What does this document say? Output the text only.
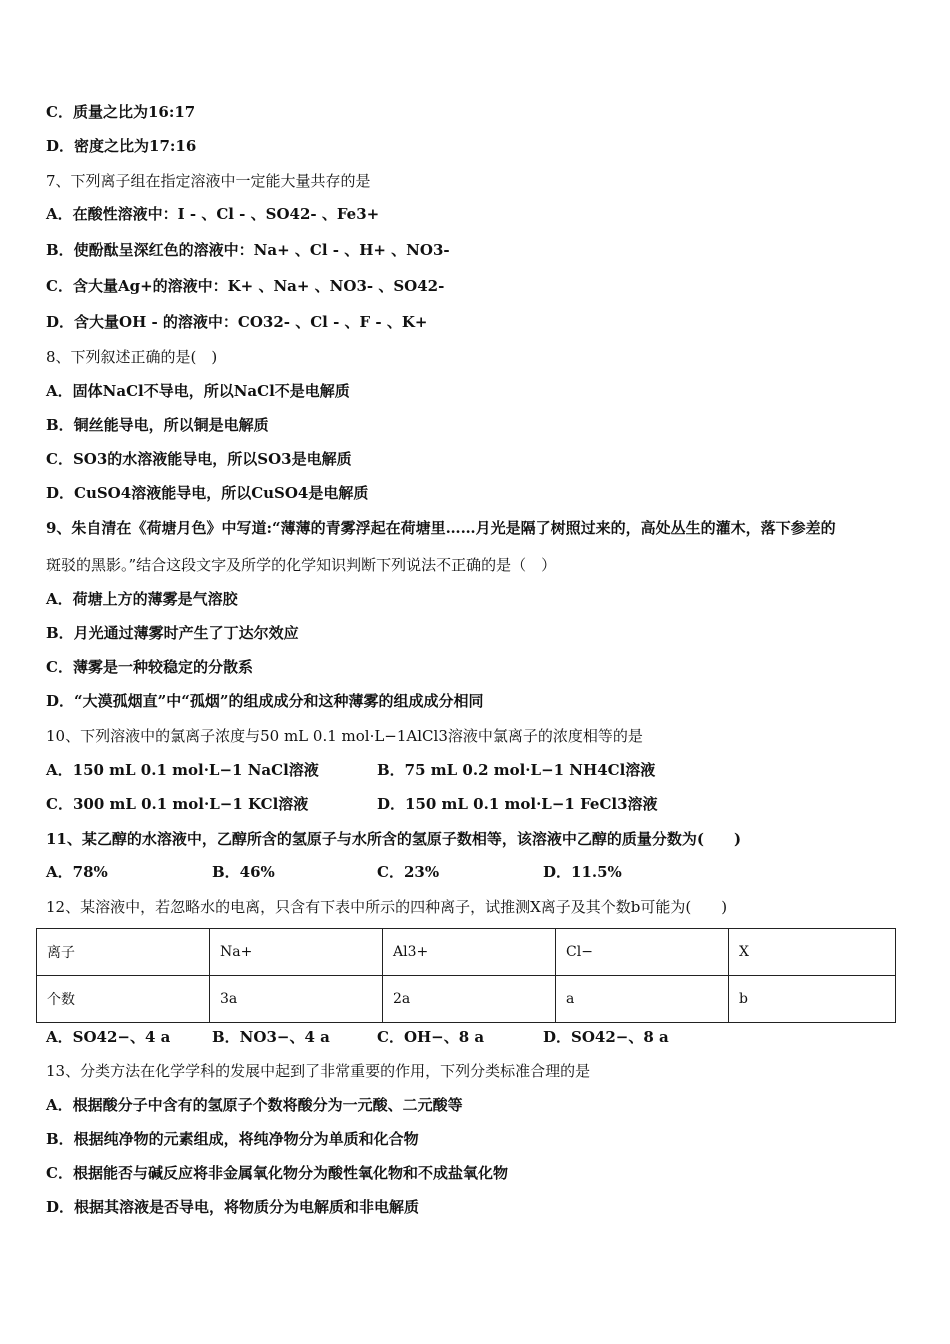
C．质量之比为16:17
D．密度之比为17:16
7、下列离子组在指定溶液中一定能大量共存的是
A．在酸性溶液中：I - 、Cl - 、SO42- 、Fe3+
B．使酚酞呈深红色的溶液中：Na+ 、Cl - 、H+ 、NO3-
C．含大量Ag+的溶液中：K+ 、Na+ 、NO3- 、SO42-
D．含大量OH - 的溶液中：CO32- 、Cl - 、F - 、K+
8、下列叙述正确的是(　)
A．固体NaCl不导电，所以NaCl不是电解质
B．铜丝能导电，所以铜是电解质
C．SO3的水溶液能导电，所以SO3是电解质
D．CuSO4溶液能导电，所以CuSO4是电解质
9、朱自清在《荷塘月色》中写道:“薄薄的青雾浮起在荷塘里……月光是隔了树照过来的，高处丛生的灌木，落下参差的
斑驳的黑影。”结合这段文字及所学的化学知识判断下列说法不正确的是（　）
A．荷塘上方的薄雾是气溶胶
B．月光通过薄雾时产生了丁达尔效应
C．薄雾是一种较稳定的分散系
D．“大漠孤烟直”中“孤烟”的组成成分和这种薄雾的组成成分相同
10、下列溶液中的氯离子浓度与50 mL 0.1 mol·L−1AlCl3溶液中氯离子的浓度相等的是
A．150 mL 0.1 mol·L−1 NaCl溶液	B．75 mL 0.2 mol·L−1 NH4Cl溶液
C．300 mL 0.1 mol·L−1 KCl溶液	D．150 mL 0.1 mol·L−1 FeCl3溶液
11、某乙醇的水溶液中，乙醇所含的氢原子与水所含的氢原子数相等，该溶液中乙醇的质量分数为(　　)
A．78%	B．46%	C．23%	D．11.5%
12、某溶液中，若忽略水的电离，只含有下表中所示的四种离子，试推测X离子及其个数b可能为(　　)
离子	Na+	Al3+	Cl−	X
个数	3a	2a	a	b
A．SO42−、4 a	B．NO3−、4 a	C．OH−、8 a	D．SO42−、8 a
13、分类方法在化学学科的发展中起到了非常重要的作用，下列分类标准合理的是
A．根据酸分子中含有的氢原子个数将酸分为一元酸、二元酸等
B．根据纯净物的元素组成，将纯净物分为单质和化合物
C．根据能否与碱反应将非金属氧化物分为酸性氧化物和不成盐氧化物
D．根据其溶液是否导电，将物质分为电解质和非电解质
